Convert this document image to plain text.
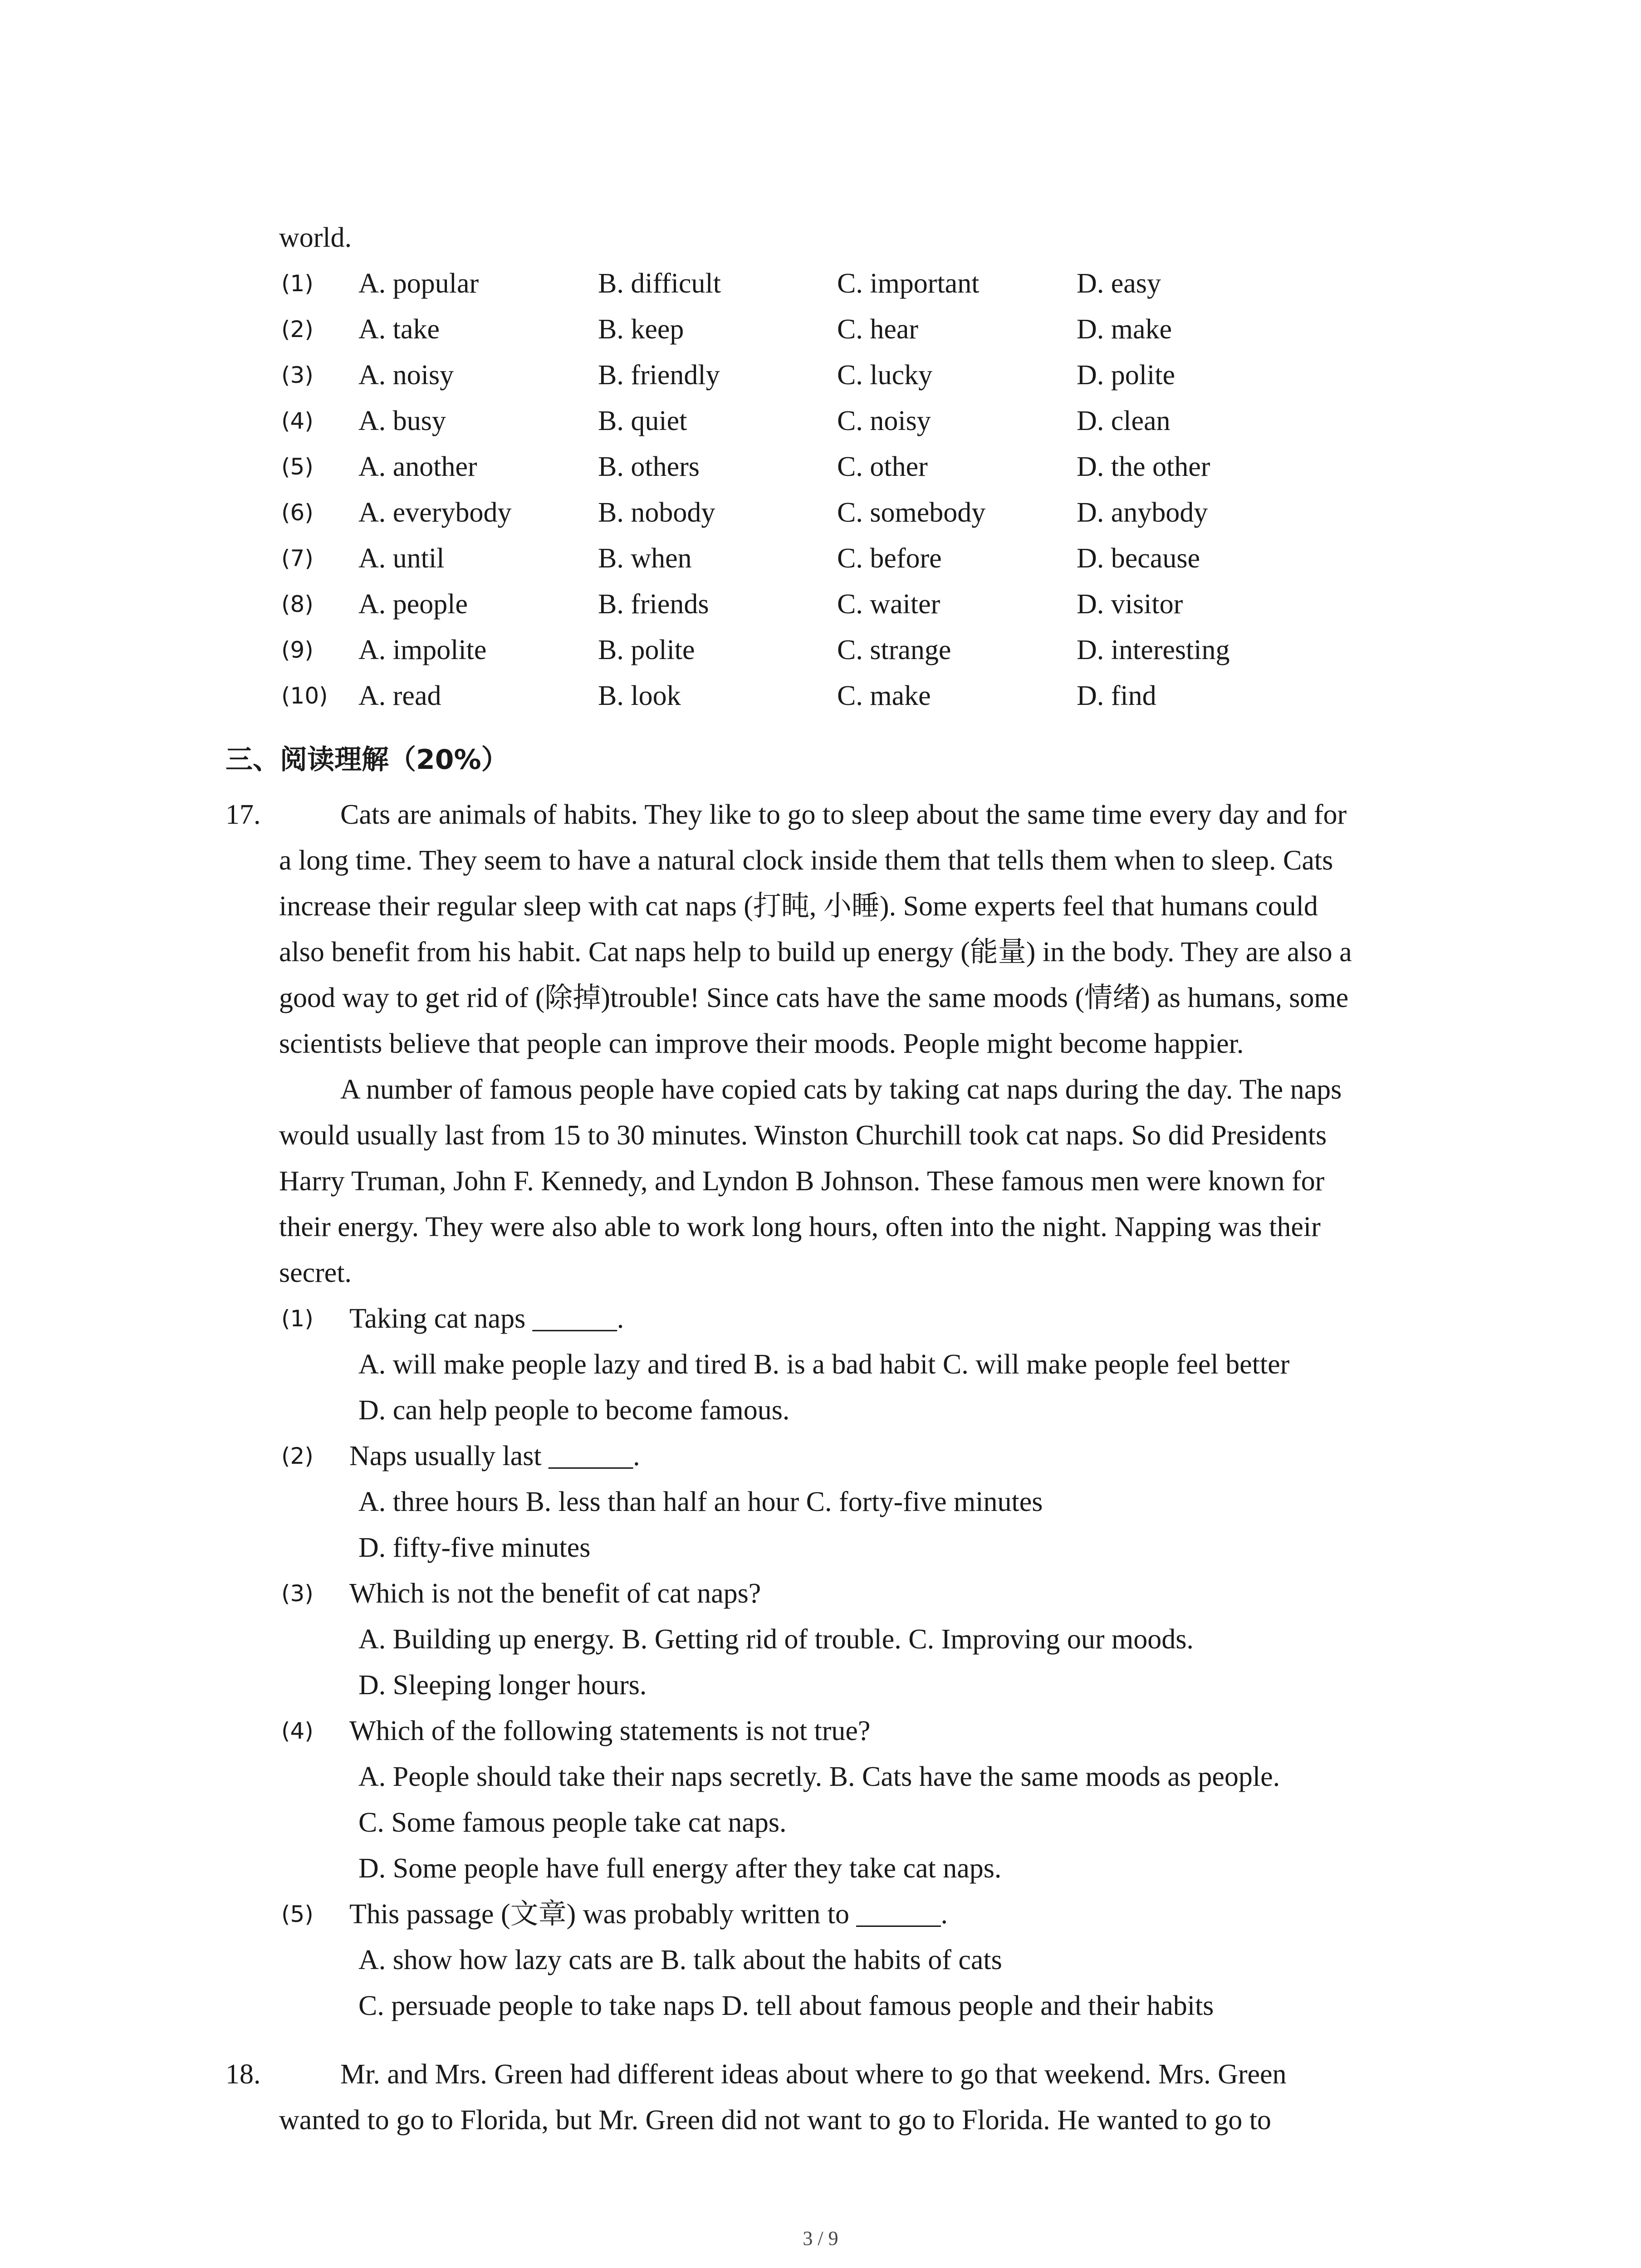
world.
(1) A. popular	B. difficult	C. important	D. easy
(2) A. take	B. keep	C. hear	D. make
(3) A. noisy	B. friendly	C. lucky	D. polite
(4) A. busy	B. quiet	C. noisy	D. clean
(5) A. another	B. others	C. other	D. the other
(6) A. everybody	B. nobody	C. somebody	D. anybody
(7) A. until	B. when	C. before	D. because
(8) A. people	B. friends	C. waiter	D. visitor
(9) A. impolite	B. polite	C. strange	D. interesting
(10) A. read	B. look	C. make	D. find
三、阅读理解（20%）
17.	Cats are animals of habits. They like to go to sleep about the same time every day and for
a long time. They seem to have a natural clock inside them that tells them when to sleep. Cats
increase their regular sleep with cat naps (打盹, 小睡). Some experts feel that humans could
also benefit from his habit. Cat naps help to build up energy (能量) in the body. They are also a
good way to get rid of (除掉)trouble! Since cats have the same moods (情绪) as humans, some
scientists believe that people can improve their moods. People might become happier.
A number of famous people have copied cats by taking cat naps during the day. The naps
would usually last from 15 to 30 minutes. Winston Churchill took cat naps. So did Presidents
Harry Truman, John F. Kennedy, and Lyndon B Johnson. These famous men were known for
their energy. They were also able to work long hours, often into the night. Napping was their
secret.
(1) Taking cat naps ______.
A. will make people lazy and tired B. is a bad habit C. will make people feel better
D. can help people to become famous.
(2) Naps usually last ______.
A. three hours B. less than half an hour C. forty-five minutes
D. fifty-five minutes
(3) Which is not the benefit of cat naps?
A. Building up energy. B. Getting rid of trouble. C. Improving our moods.
D. Sleeping longer hours.
(4) Which of the following statements is not true?
A. People should take their naps secretly. B. Cats have the same moods as people.
C. Some famous people take cat naps.
D. Some people have full energy after they take cat naps.
(5) This passage (文章) was probably written to ______.
A. show how lazy cats are B. talk about the habits of cats
C. persuade people to take naps D. tell about famous people and their habits
18.	Mr. and Mrs. Green had different ideas about where to go that weekend. Mrs. Green
wanted to go to Florida, but Mr. Green did not want to go to Florida. He wanted to go to
3 / 9
